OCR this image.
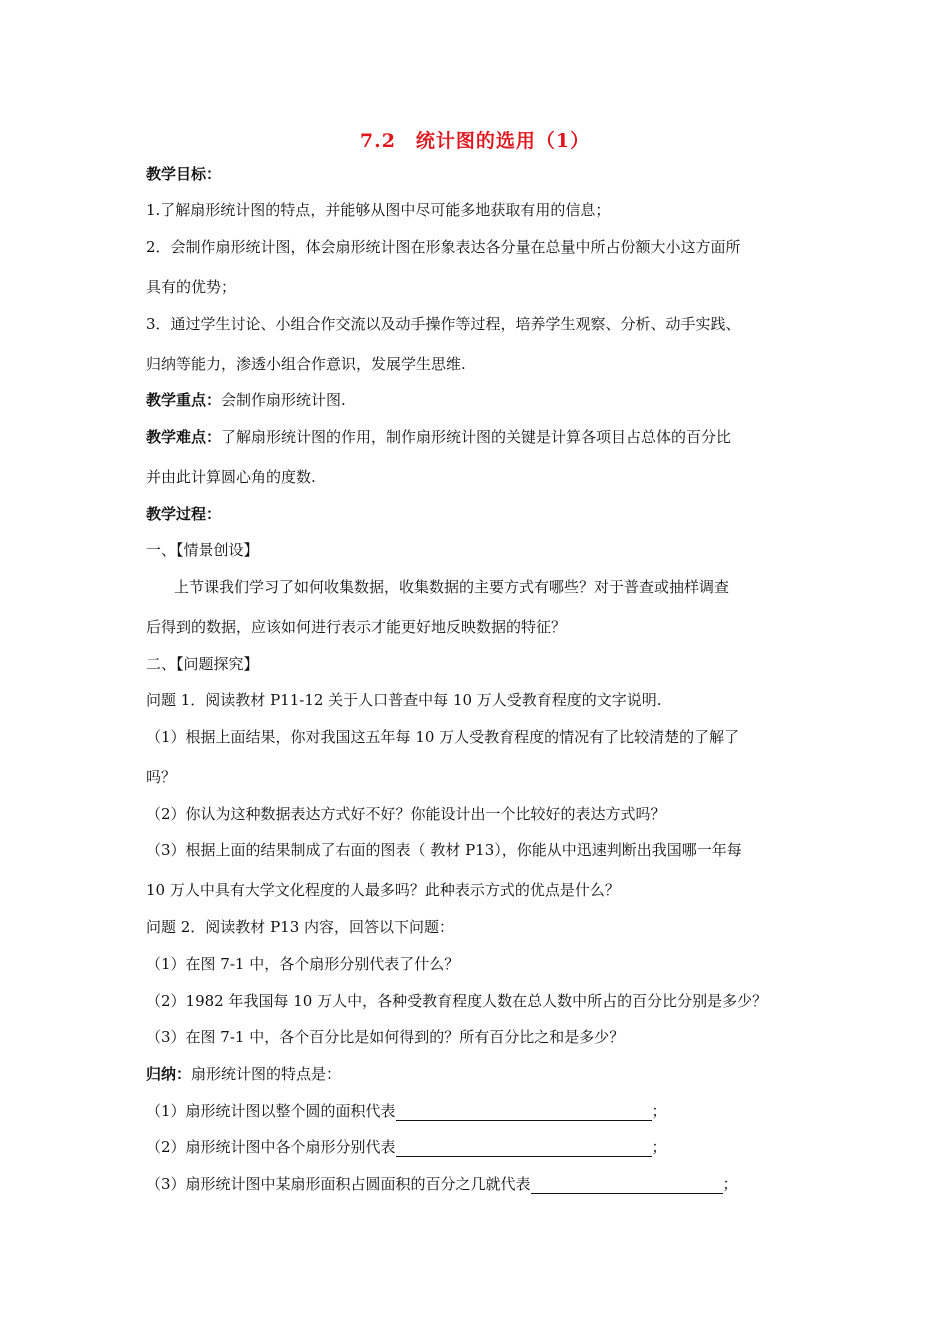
7.2　统计图的选用（1）
教学目标：
1.了解扇形统计图的特点，并能够从图中尽可能多地获取有用的信息；
2．会制作扇形统计图，体会扇形统计图在形象表达各分量在总量中所占份额大小这方面所
具有的优势；
3．通过学生讨论、小组合作交流以及动手操作等过程，培养学生观察、分析、动手实践、
归纳等能力，渗透小组合作意识，发展学生思维.
教学重点：会制作扇形统计图.
教学难点：了解扇形统计图的作用，制作扇形统计图的关键是计算各项目占总体的百分比
并由此计算圆心角的度数.
教学过程：
一、【情景创设】
上节课我们学习了如何收集数据，收集数据的主要方式有哪些？对于普查或抽样调查
后得到的数据，应该如何进行表示才能更好地反映数据的特征？
二、【问题探究】
问题 1．阅读教材 P11-12 关于人口普查中每 10 万人受教育程度的文字说明.
（1）根据上面结果，你对我国这五年每 10 万人受教育程度的情况有了比较清楚的了解了
吗？
（2）你认为这种数据表达方式好不好？你能设计出一个比较好的表达方式吗？
（3）根据上面的结果制成了右面的图表（ 教材 P13），你能从中迅速判断出我国哪一年每
10 万人中具有大学文化程度的人最多吗？此种表示方式的优点是什么？
问题 2．阅读教材 P13 内容，回答以下问题：
（1）在图 7-1 中，各个扇形分别代表了什么？
（2）1982 年我国每 10 万人中，各种受教育程度人数在总人数中所占的百分比分别是多少？
（3）在图 7-1 中，各个百分比是如何得到的？所有百分比之和是多少？
归纳：扇形统计图的特点是：
（1）扇形统计图以整个圆的面积代表	；
（2）扇形统计图中各个扇形分别代表	；
（3）扇形统计图中某扇形面积占圆面积的百分之几就代表	；
